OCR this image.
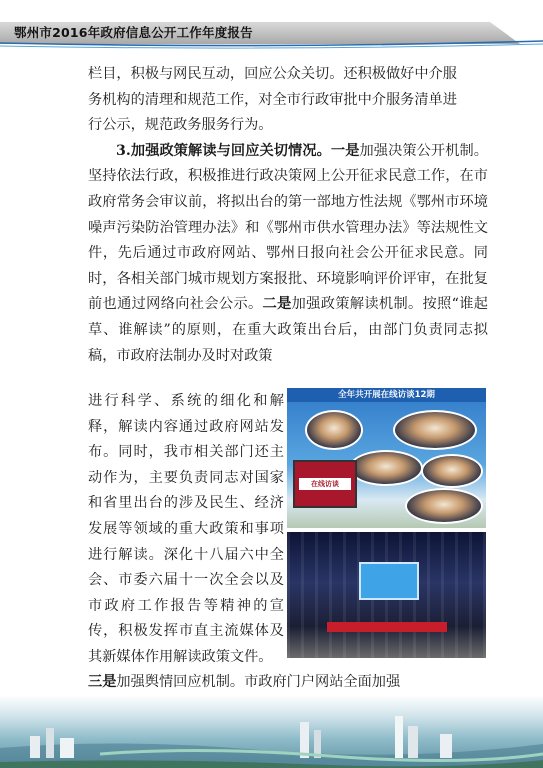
鄂州市2016年政府信息公开工作年度报告

栏目，积极与网民互动，回应公众关切。还积极做好中介服
务机构的清理和规范工作，对全市行政审批中介服务清单进
行公示，规范政务服务行为。

3.加强政策解读与回应关切情况。一是加强决策公开机制。坚持依法行政，积极推进行政决策网上公开征求民意工作，在市政府常务会审议前，将拟出台的第一部地方性法规《鄂州市环境噪声污染防治管理办法》和《鄂州市供水管理办法》等法规性文件，先后通过市政府网站、鄂州日报向社会公开征求民意。同时，各相关部门城市规划方案报批、环境影响评价评审，在批复前也通过网络向社会公示。二是加强政策解读机制。按照“谁起草、谁解读”的原则，在重大政策出台后，由部门负责同志拟稿，市政府法制办及时对政策

进行科学、系统的细化和解释，解读内容通过政府网站发布。同时，我市相关部门还主动作为，主要负责同志对国家和省里出台的涉及民生、经济发展等领域的重大政策和事项进行解读。深化十八届六中全会、市委六届十一次全会以及市政府工作报告等精神的宣传，积极发挥市直主流媒体及其新媒体作用解读政策文件。
全年共开展在线访谈12期
在线访谈
三是加强舆情回应机制。市政府门户网站全面加强
